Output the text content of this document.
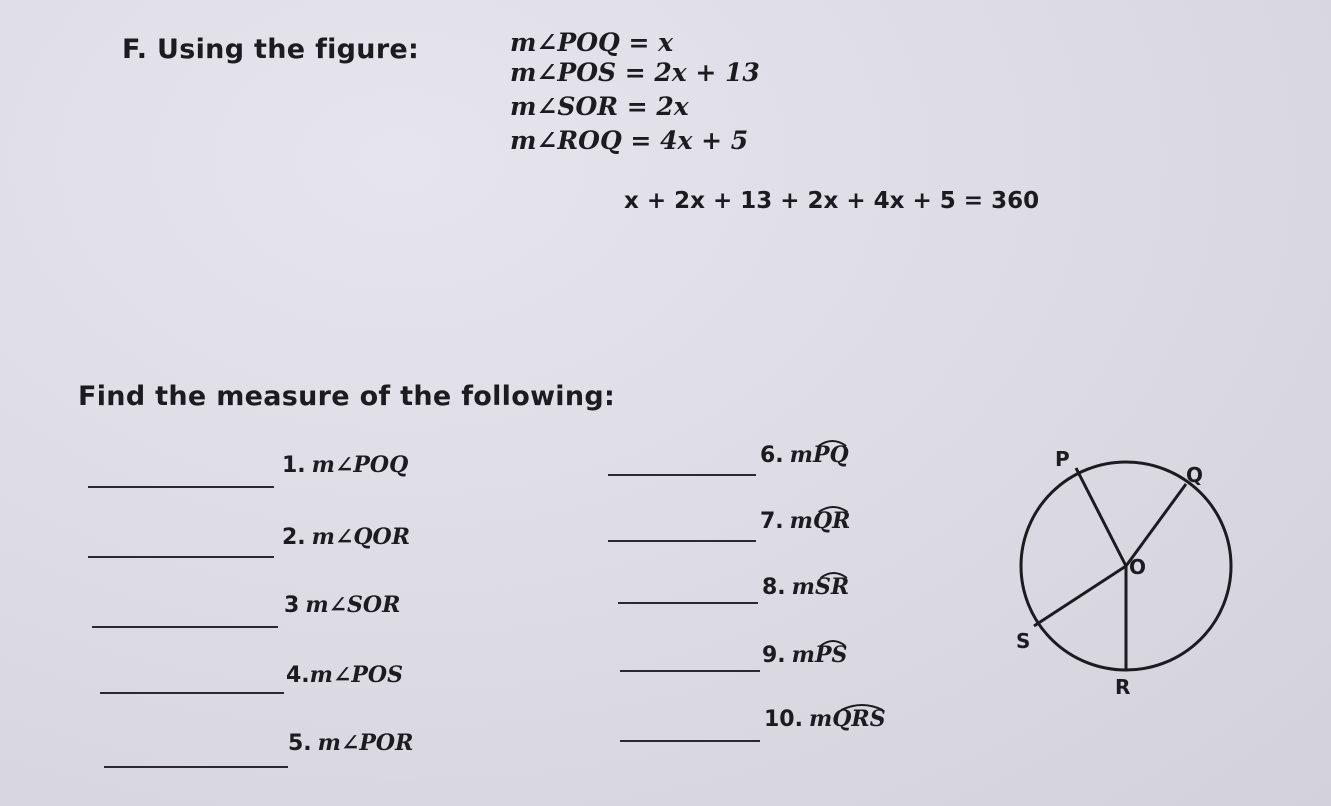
F. Using the figure:	m∠POQ = x
m∠POS = 2x + 13
m∠SOR = 2x
m∠ROQ = 4x + 5
x + 2x + 13 + 2x + 4x + 5 = 360
Find the measure of the following:
1. m∠POQ
2. m∠QOR
3 m∠SOR
4. m∠POS
5. m∠POR
6. m
PQ
7. m
QR
8. m
SR
9. m
PS
10. m
QRS
P
Q
O
S
R
